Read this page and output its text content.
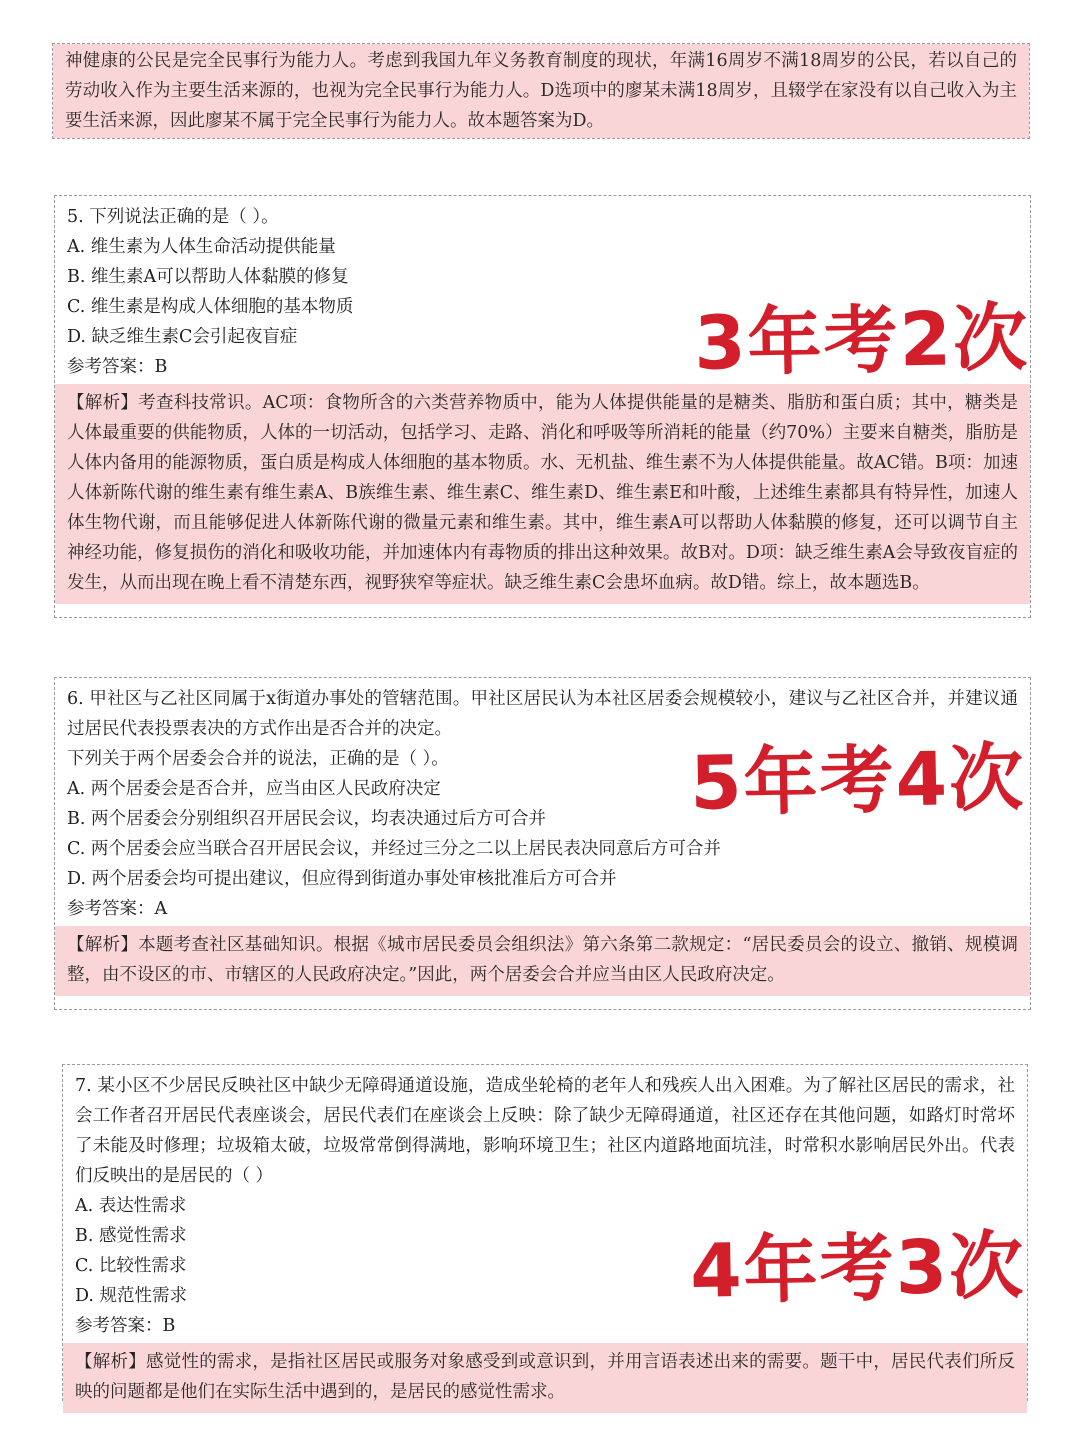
神健康的公民是完全民事行为能力人。考虑到我国九年义务教育制度的现状，年满16周岁不满18周岁的公民，若以自己的劳动收入作为主要生活来源的，也视为完全民事行为能力人。D选项中的廖某未满18周岁，且辍学在家没有以自己收入为主要生活来源，因此廖某不属于完全民事行为能力人。故本题答案为D。
5. 下列说法正确的是（ ）。
A. 维生素为人体生命活动提供能量
B. 维生素A可以帮助人体黏膜的修复
C. 维生素是构成人体细胞的基本物质
D. 缺乏维生素C会引起夜盲症
参考答案：B
【解析】考查科技常识。AC项：食物所含的六类营养物质中，能为人体提供能量的是糖类、脂肪和蛋白质；其中，糖类是人体最重要的供能物质，人体的一切活动，包括学习、走路、消化和呼吸等所消耗的能量（约70%）主要来自糖类，脂肪是人体内备用的能源物质，蛋白质是构成人体细胞的基本物质。水、无机盐、维生素不为人体提供能量。故AC错。B项：加速人体新陈代谢的维生素有维生素A、B族维生素、维生素C、维生素D、维生素E和叶酸，上述维生素都具有特异性，加速人体生物代谢，而且能够促进人体新陈代谢的微量元素和维生素。其中，维生素A可以帮助人体黏膜的修复，还可以调节自主神经功能，修复损伤的消化和吸收功能，并加速体内有毒物质的排出这种效果。故B对。D项：缺乏维生素A会导致夜盲症的发生，从而出现在晚上看不清楚东西，视野狭窄等症状。缺乏维生素C会患坏血病。故D错。综上，故本题选B。
3年考2次
6. 甲社区与乙社区同属于x街道办事处的管辖范围。甲社区居民认为本社区居委会规模较小，建议与乙社区合并，并建议通过居民代表投票表决的方式作出是否合并的决定。
下列关于两个居委会合并的说法，正确的是（ ）。
A. 两个居委会是否合并，应当由区人民政府决定
B. 两个居委会分别组织召开居民会议，均表决通过后方可合并
C. 两个居委会应当联合召开居民会议，并经过三分之二以上居民表决同意后方可合并
D. 两个居委会均可提出建议，但应得到街道办事处审核批准后方可合并
参考答案：A
【解析】本题考查社区基础知识。根据《城市居民委员会组织法》第六条第二款规定：“居民委员会的设立、撤销、规模调整，由不设区的市、市辖区的人民政府决定。”因此，两个居委会合并应当由区人民政府决定。
5年考4次
7. 某小区不少居民反映社区中缺少无障碍通道设施，造成坐轮椅的老年人和残疾人出入困难。为了解社区居民的需求，社会工作者召开居民代表座谈会，居民代表们在座谈会上反映：除了缺少无障碍通道，社区还存在其他问题，如路灯时常坏了未能及时修理；垃圾箱太破，垃圾常常倒得满地，影响环境卫生；社区内道路地面坑洼，时常积水影响居民外出。代表们反映出的是居民的（ ）
A. 表达性需求
B. 感觉性需求
C. 比较性需求
D. 规范性需求
参考答案：B
【解析】感觉性的需求，是指社区居民或服务对象感受到或意识到，并用言语表述出来的需要。题干中，居民代表们所反映的问题都是他们在实际生活中遇到的，是居民的感觉性需求。
4年考3次
